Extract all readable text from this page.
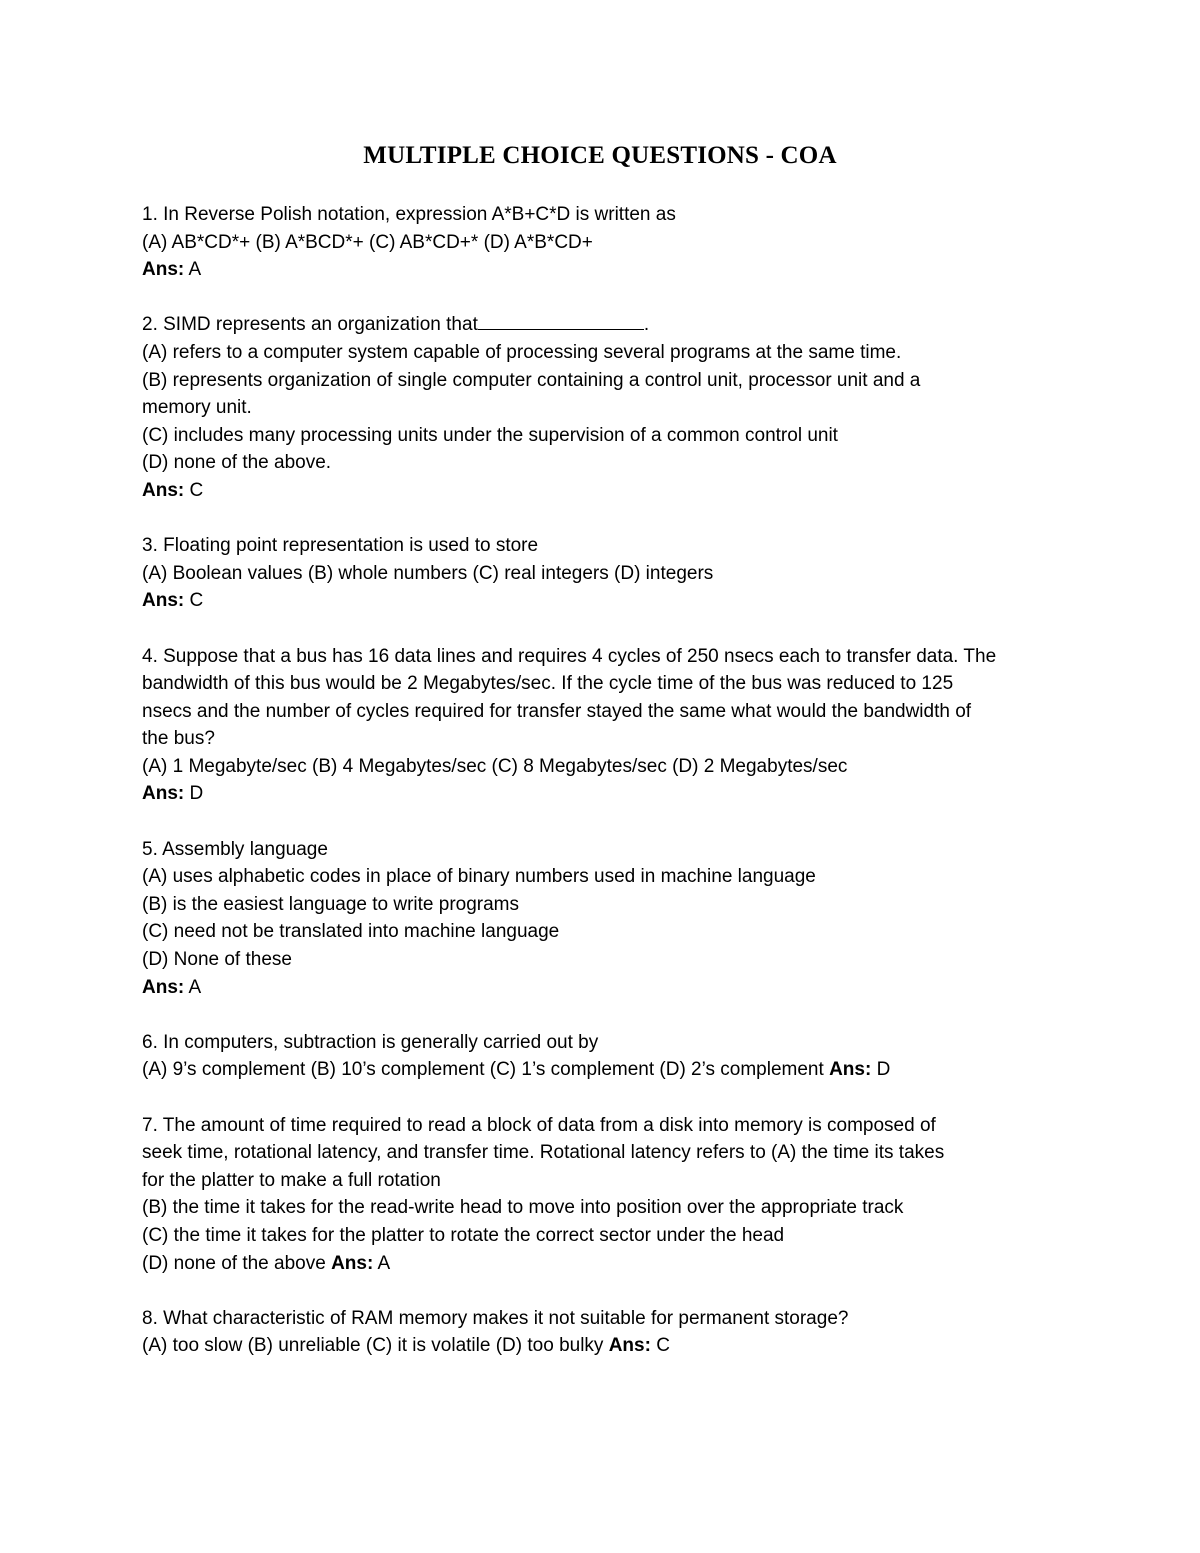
MULTIPLE CHOICE QUESTIONS - COA
1. In Reverse Polish notation, expression A*B+C*D is written as
(A) AB*CD*+ (B) A*BCD*+ (C) AB*CD+* (D) A*B*CD+
Ans: A
2. SIMD represents an organization that	.
(A) refers to a computer system capable of processing several programs at the same time.
(B) represents organization of single computer containing a control unit, processor unit and a
memory unit.
(C) includes many processing units under the supervision of a common control unit
(D) none of the above.
Ans: C
3. Floating point representation is used to store
(A) Boolean values (B) whole numbers (C) real integers (D) integers
Ans: C
4. Suppose that a bus has 16 data lines and requires 4 cycles of 250 nsecs each to transfer data. The
bandwidth of this bus would be 2 Megabytes/sec. If the cycle time of the bus was reduced to 125
nsecs and the number of cycles required for transfer stayed the same what would the bandwidth of
the bus?
(A) 1 Megabyte/sec (B) 4 Megabytes/sec (C) 8 Megabytes/sec (D) 2 Megabytes/sec
Ans: D
5. Assembly language
(A) uses alphabetic codes in place of binary numbers used in machine language
(B) is the easiest language to write programs
(C) need not be translated into machine language
(D) None of these
Ans: A
6. In computers, subtraction is generally carried out by
(A) 9’s complement (B) 10’s complement (C) 1’s complement (D) 2’s complement Ans: D
7. The amount of time required to read a block of data from a disk into memory is composed of
seek time, rotational latency, and transfer time. Rotational latency refers to (A) the time its takes
for the platter to make a full rotation
(B) the time it takes for the read-write head to move into position over the appropriate track
(C) the time it takes for the platter to rotate the correct sector under the head
(D) none of the above Ans: A
8. What characteristic of RAM memory makes it not suitable for permanent storage?
(A) too slow (B) unreliable (C) it is volatile (D) too bulky Ans: C
